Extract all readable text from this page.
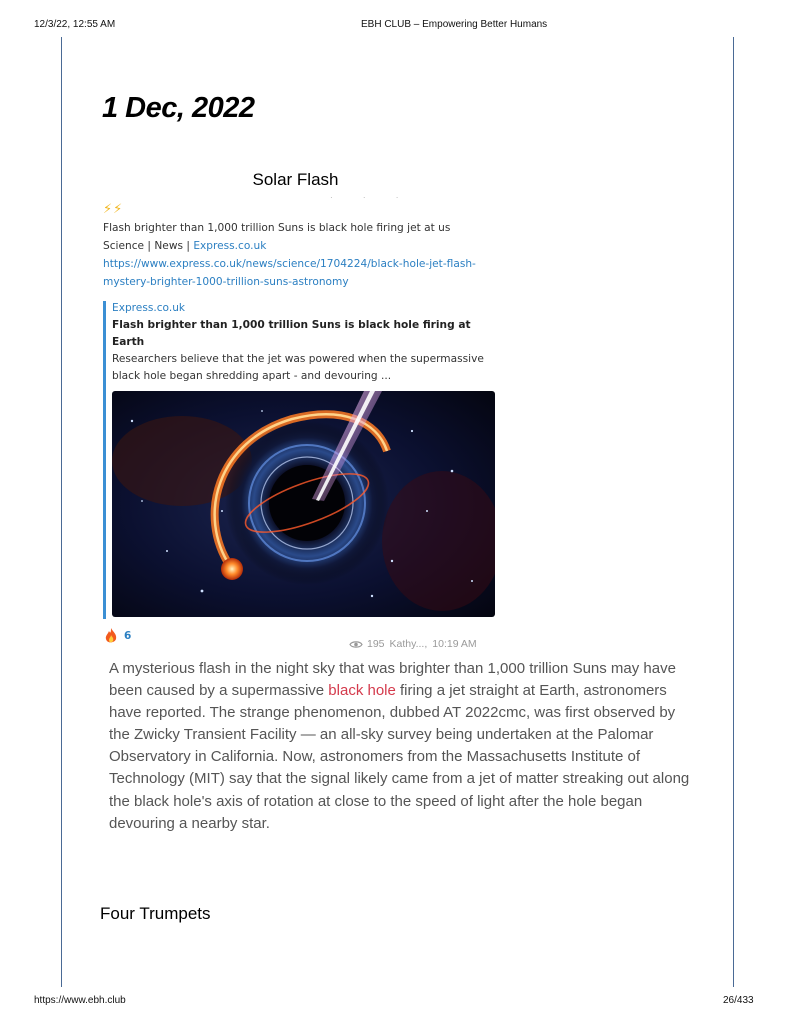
12/3/22, 12:55 AM	EBH CLUB – Empowering Better Humans
https://www.ebh.club	26/433
1 Dec, 2022
Solar Flash
· · ·
⚡⚡
Flash brighter than 1,000 trillion Suns is black hole firing jet at us
Science | News | Express.co.uk
https://www.express.co.uk/news/science/1704224/black-hole-jet-flash-mystery-brighter-1000-trillion-suns-astronomy
Express.co.uk
Flash brighter than 1,000 trillion Suns is black hole firing at Earth
Researchers believe that the jet was powered when the supermassive black hole began shredding apart - and devouring ...
6
195 Kathy..., 10:19 AM
A mysterious flash in the night sky that was brighter than 1,000 trillion Suns may have been caused by a supermassive black hole firing a jet straight at Earth, astronomers have reported. The strange phenomenon, dubbed AT 2022cmc, was first observed by the Zwicky Transient Facility — an all-sky survey being undertaken at the Palomar Observatory in California. Now, astronomers from the Massachusetts Institute of Technology (MIT) say that the signal likely came from a jet of matter streaking out along the black hole's axis of rotation at close to the speed of light after the hole began devouring a nearby star.
Four Trumpets
